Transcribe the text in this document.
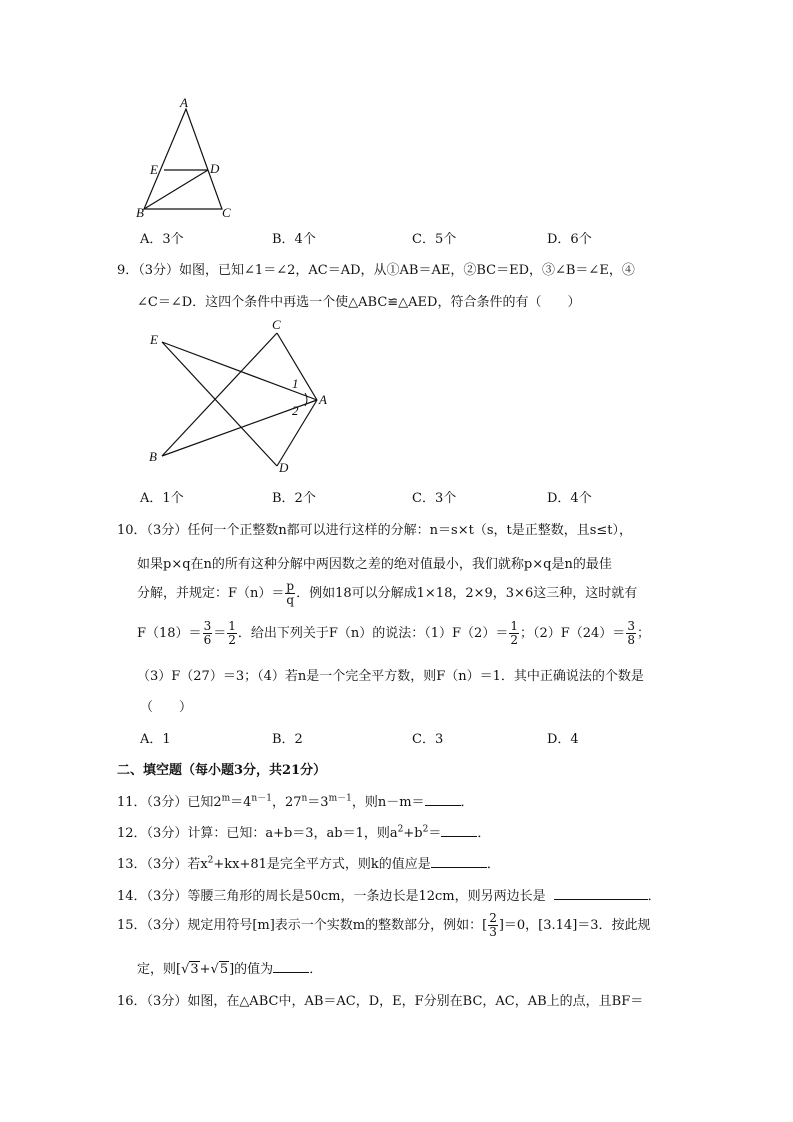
A
E	D
B	C
A．3个	B．4个	C．5个	D．6个
9．（3分）如图，已知∠1＝∠2，AC＝AD，从①AB＝AE，②BC＝ED，③∠B＝∠E，④
∠C＝∠D．这四个条件中再选一个使△ABC≌△AED，符合条件的有（　　）
E
C
1
A
2
B
D
A．1个	B．2个	C．3个	D．4个
10．（3分）任何一个正整数n都可以进行这样的分解：n＝s×t（s，t是正整数，且s≤t），
如果p×q在n的所有这种分解中两因数之差的绝对值最小，我们就称p×q是n的最佳
分解，并规定：$F(n)= \frac{p}{q}$ ．例如18可以分解成1×18，2×9，3×6这三种，这时就有
$F(18)= \frac{3}{6} = \frac{1}{2}$ ．给出下列关于F（n）的说法：$(1)F(2)= \frac{1}{2}$ ；$(2)F(24)= \frac{3}{8}$ ；
（3）F（27）＝3；（4）若n是一个完全平方数，则F（n）＝1．其中正确说法的个数是
（　　）
A．1	B．2	C．3	D．4
二、填空题（每小题3分，共21分）
11．（3分）已知$2^m=4^{n-1}$，$27^n=3^{m-1}$，则n－m＝	．
12．（3分）计算：已知：a+b＝3，ab＝1，则$a^2+b^2=$	．
13．（3分）若$x^2+kx+81$是完全平方式，则k的值应是	．
14．（3分）等腰三角形的周长是50cm，一条边长是12cm，则另两边长是	．
15．（3分）规定用符号[m]表示一个实数m的整数部分，例如：[ $\frac{2}{3} ]=0$，[3.14]＝3．按此规
定，则[√3+√5]的值为	．
16．（3分）如图，在△ABC中，AB＝AC，D，E，F分别在BC，AC，AB上的点，且BF＝
